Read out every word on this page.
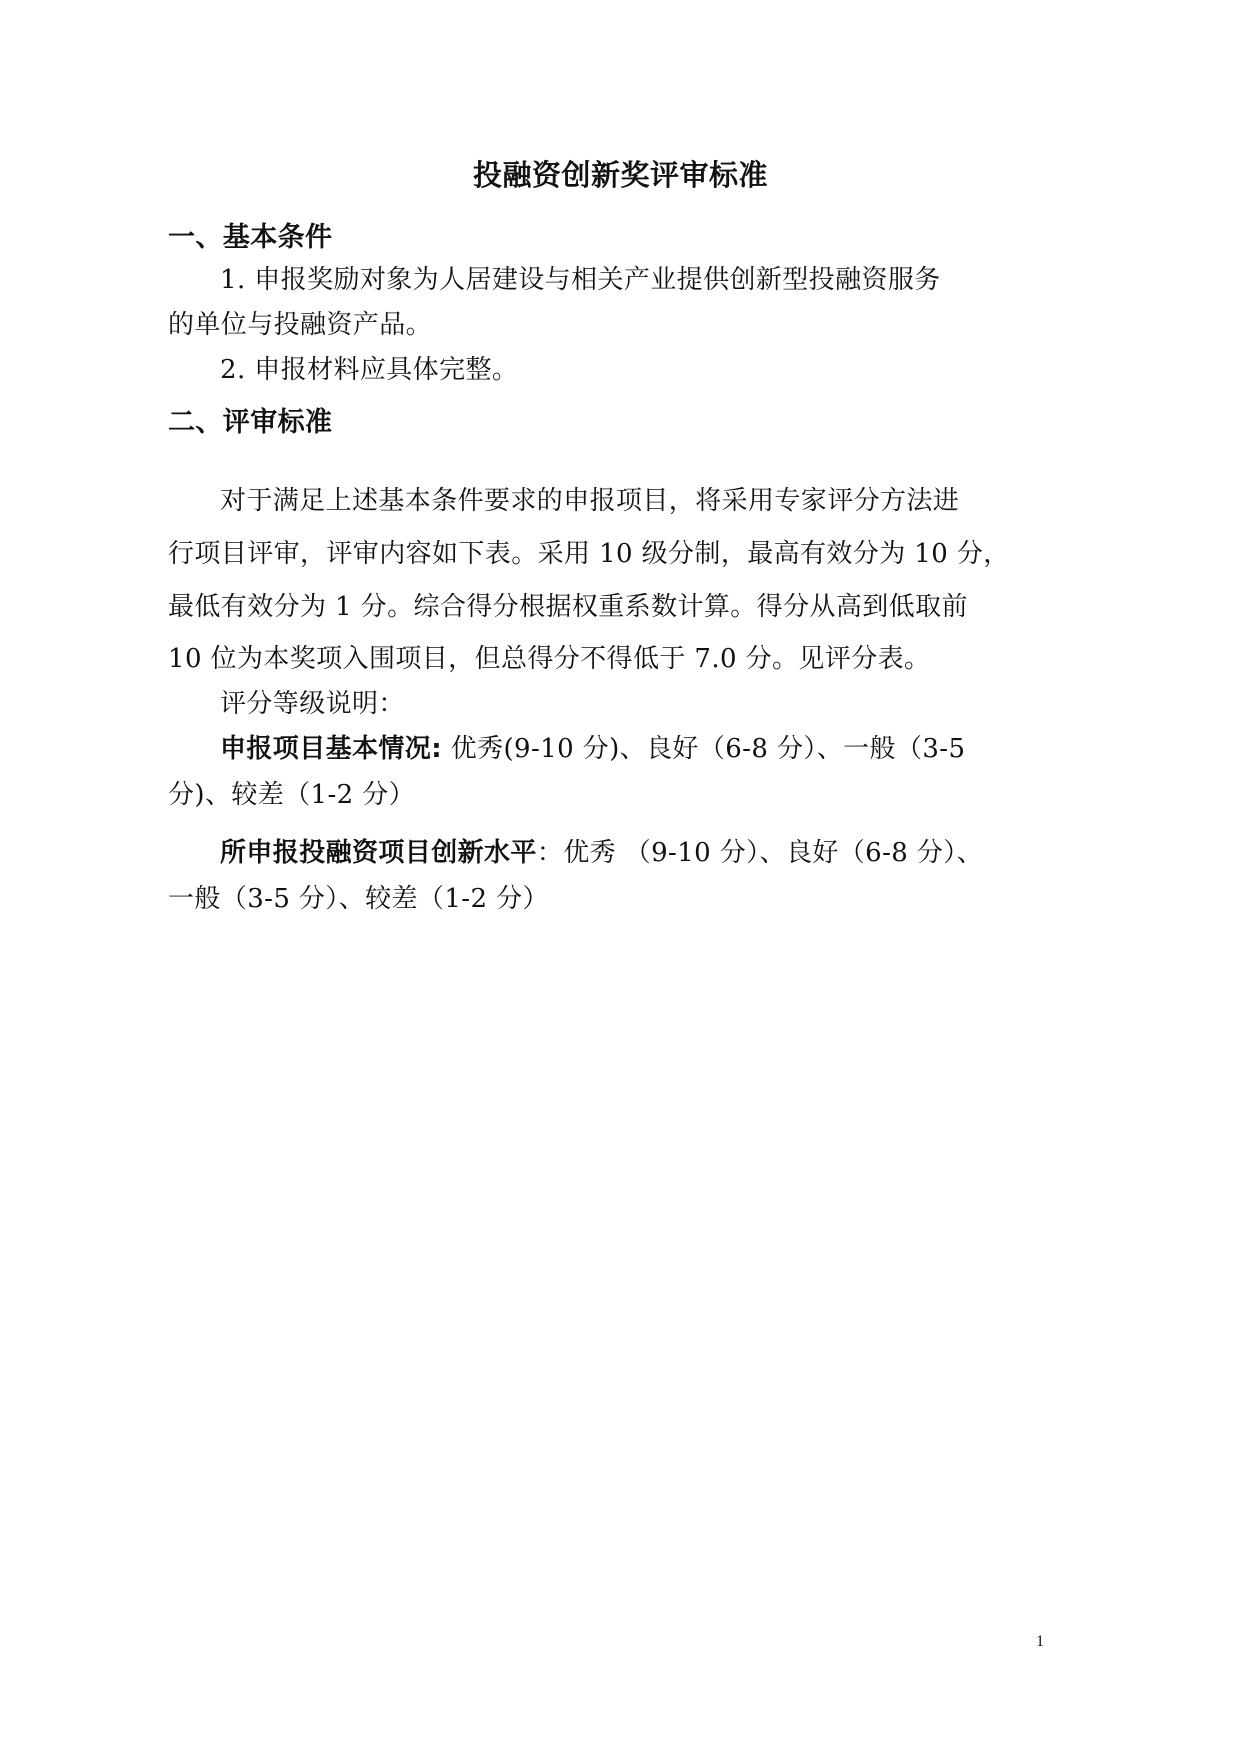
投融资创新奖评审标准
一、基本条件
1. 申报奖励对象为人居建设与相关产业提供创新型投融资服务
的单位与投融资产品。
2. 申报材料应具体完整。
二、评审标准
对于满足上述基本条件要求的申报项目，将采用专家评分方法进
行项目评审，评审内容如下表。采用 10 级分制，最高有效分为 10 分，
最低有效分为 1 分。综合得分根据权重系数计算。得分从高到低取前
10 位为本奖项入围项目，但总得分不得低于 7.0 分。见评分表。
评分等级说明：
申报项目基本情况: 优秀(9-10 分)、良好（6-8 分）、一般（3-5
分)、较差（1-2 分）
所申报投融资项目创新水平：优秀 （9-10 分）、良好（6-8 分）、
一般（3-5 分）、较差（1-2 分）
1
